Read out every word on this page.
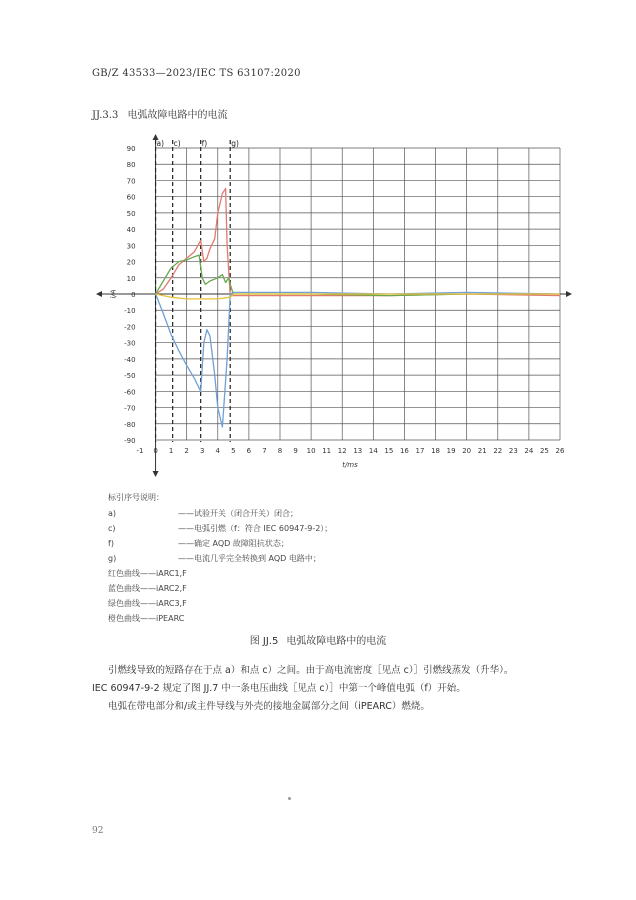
GB/Z 43533—2023/IEC TS 63107:2020
JJ.3.3 电弧故障电路中的电流
90
80
70
60
50
40
30
20
10
0
-10
-20
-30
-40
-50
-60
-70
-80
-90
-1 0 1 2 3 4 5 6 7 8 9 10 11 12 13 14 15 16 17 18 19 20 21 22 23 24 25 26
t/ms
i/A
a) c)	f)	g)
标引序号说明：
a)	——试验开关（闭合开关）闭合；
c)	——电弧引燃（f：符合 IEC 60947-9-2）；
f)	——确定 AQD 故障阻抗状态；
g)	——电流几乎完全转换到 AQD 电路中；
红色曲线——iARC1,F
蓝色曲线——iARC2,F
绿色曲线——iARC3,F
橙色曲线——iPEARC
图 JJ.5 电弧故障电路中的电流
引燃线导致的短路存在于点 a）和点 c）之间。由于高电流密度［见点 c）］引燃线蒸发（升华）。
IEC 60947-9-2 规定了图 JJ.7 中一条电压曲线［见点 c）］中第一个峰值电弧（f）开始。
电弧在带电部分和/或主件导线与外壳的接地金属部分之间（iPEARC）燃烧。
92
